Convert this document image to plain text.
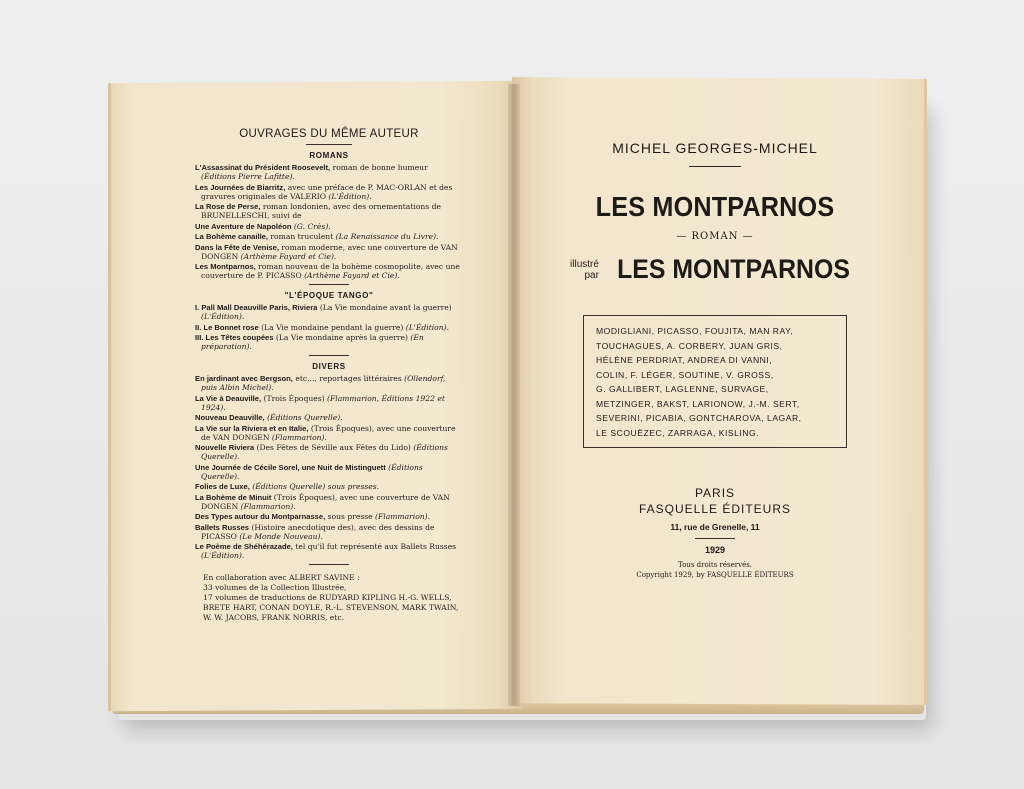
OUVRAGES DU MÊME AUTEUR
ROMANS
L'Assassinat du Président Roosevelt, roman de bonne humeur (Éditions Pierre Lafitte).
Les Journées de Biarritz, avec une préface de P. MAC-ORLAN et des gravures originales de VALERIO (L'Édition).
La Rose de Perse, roman londonien, avec des ornementations de BRUNELLESCHI, suivi de
Une Aventure de Napoléon (G. Crès).
La Bohème canaille, roman truculent (La Renaissance du Livre).
Dans la Fête de Venise, roman moderne, avec une couverture de VAN DONGEN (Arthème Fayard et Cie).
Les Montparnos, roman nouveau de la bohème cosmopolite, avec une couverture de P. PICASSO (Arthème Fayard et Cie).
"L'ÉPOQUE TANGO"
I. Pall Mall Deauville Paris, Riviera (La Vie mondaine avant la guerre) (L'Édition).
II. Le Bonnet rose (La Vie mondaine pendant la guerre) (L'Édition).
III. Les Têtes coupées (La Vie mondaine après la guerre) (En préparation).
DIVERS
En jardinant avec Bergson, etc..., reportages littéraires (Ollendorf, puis Albin Michel).
La Vie à Deauville, (Trois Époques) (Flammarion, Éditions 1922 et 1924).
Nouveau Deauville, (Éditions Querelle).
La Vie sur la Riviera et en Italie, (Trois Époques), avec une couverture de VAN DONGEN (Flammarion).
Nouvelle Riviera (Des Fêtes de Séville aux Fêtes du Lido) (Éditions Querelle).
Une Journée de Cécile Sorel, une Nuit de Mistinguett (Éditions Querelle).
Folies de Luxe, (Éditions Querelle) sous presses.
La Bohème de Minuit (Trois Époques), avec une couverture de VAN DONGEN (Flammarion).
Des Types autour du Montparnasse, sous presse (Flammarion).
Ballets Russes (Histoire anecdotique des), avec des dessins de PICASSO (Le Monde Nouveau).
Le Poème de Shéhérazade, tel qu'il fut représenté aux Ballets Russes (L'Édition).
En collaboration avec ALBERT SAVINE :
33 volumes de la Collection Illustrée,
17 volumes de traductions de RUDYARD KIPLING H.-G. WELLS,
BRETE HART, CONAN DOYLE, R.-L. STEVENSON, MARK TWAIN,
W. W. JACOBS, FRANK NORRIS, etc.
MICHEL GEORGES-MICHEL
LES MONTPARNOS
— ROMAN —
illustré
par LES MONTPARNOS
MODIGLIANI, PICASSO, FOUJITA, MAN RAY,
TOUCHAGUES, A. CORBERY, JUAN GRIS,
HÉLÈNE PERDRIAT, ANDREA DI VANNI,
COLIN, F. LÉGER, SOUTINE, V. GROSS,
G. GALLIBERT, LAGLENNE, SURVAGE,
METZINGER, BAKST, LARIONOW, J.-M. SERT,
SEVERINI, PICABIA, GONTCHAROVA, LAGAR,
LE SCOUËZEC, ZARRAGA, KISLING.
PARIS
FASQUELLE ÉDITEURS
11, rue de Grenelle, 11
1929
Tous droits réservés.
Copyright 1929, by FASQUELLE ÉDITEURS
